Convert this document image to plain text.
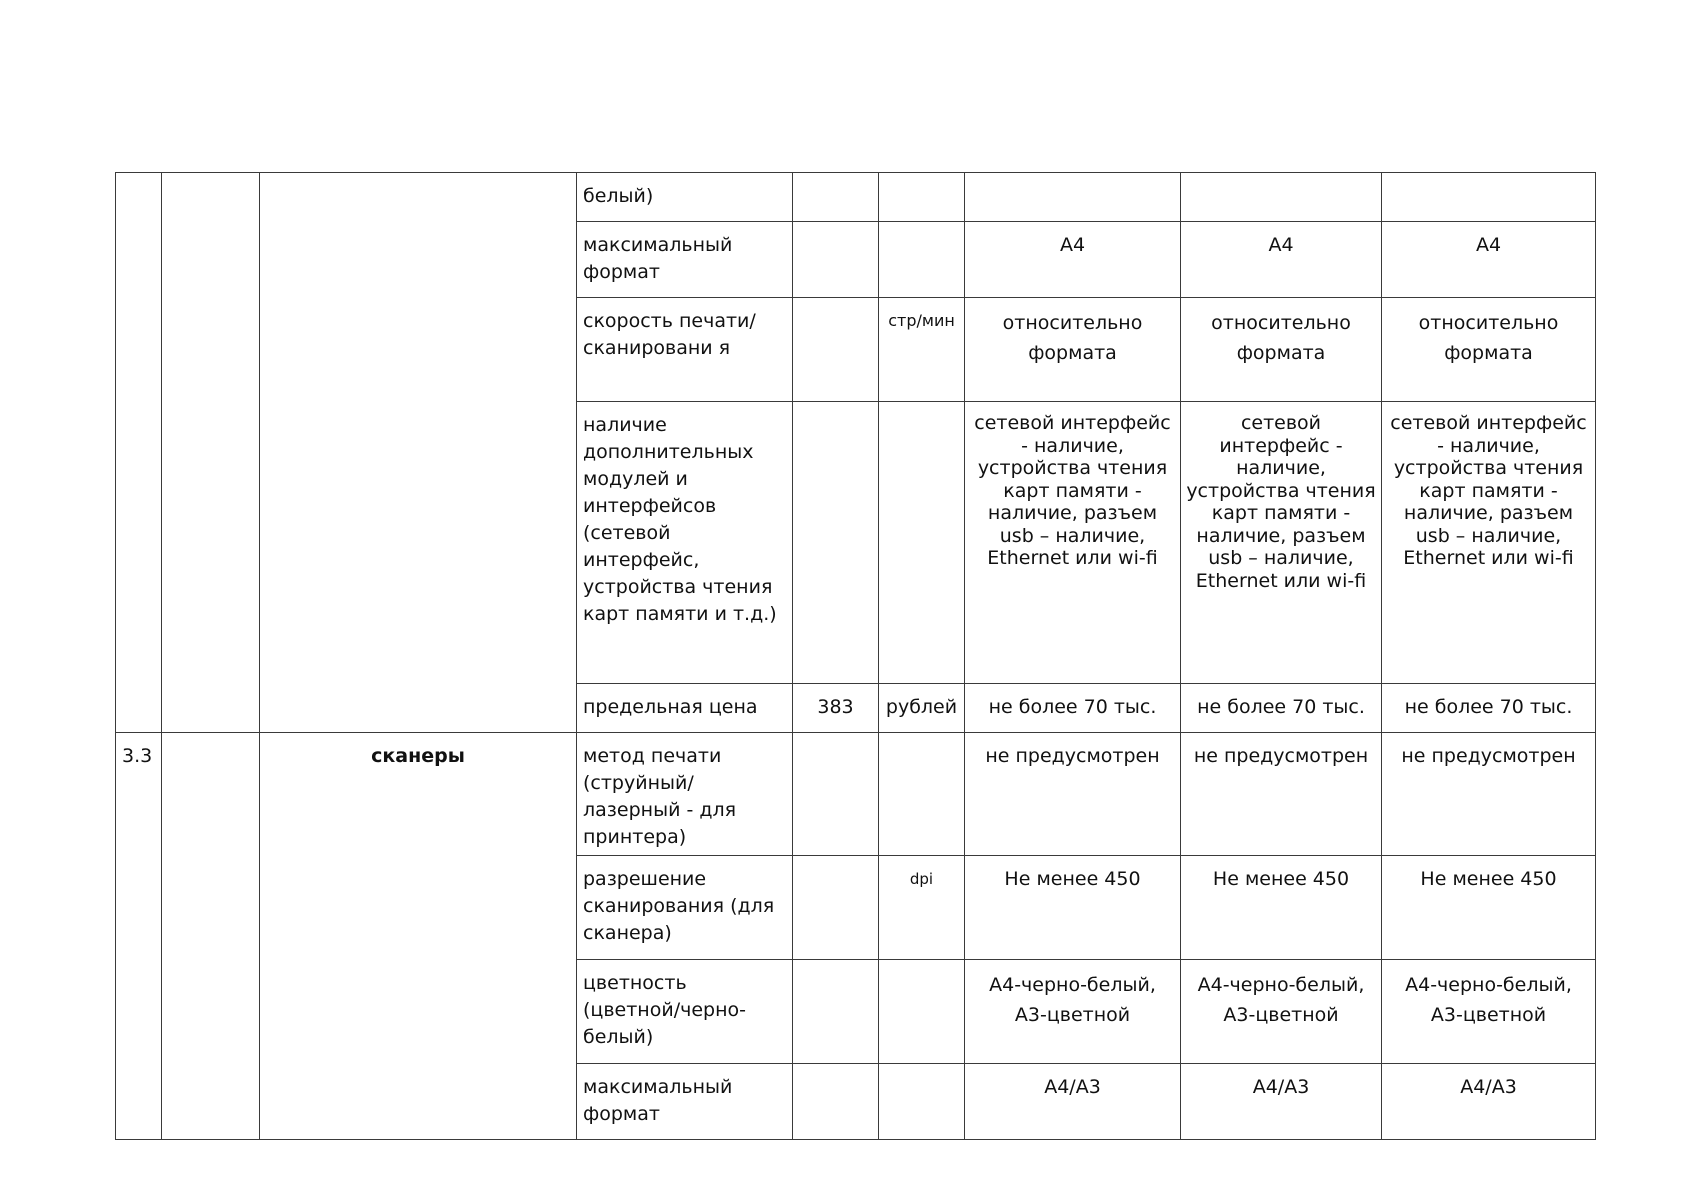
			белый)					
			максимальный формат			А4	А4	А4
			скорость печати/сканировани я		стр/мин	относительно формата	относительно формата	относительно формата
			наличие дополнительных модулей и интерфейсов (сетевой интерфейс, устройства чтения карт памяти и т.д.)			сетевой интерфейс - наличие, устройства чтения карт памяти - наличие, разъем usb – наличие, Ethernet или wi-fi	сетевой интерфейс - наличие, устройства чтения карт памяти - наличие, разъем usb – наличие, Ethernet или wi-fi	сетевой интерфейс - наличие, устройства чтения карт памяти - наличие, разъем usb – наличие, Ethernet или wi-fi
			предельная цена	383	рублей	не более 70 тыс.	не более 70 тыс.	не более 70 тыс.
3.3		сканеры	метод печати (струйный/лазерный - для принтера)			не предусмотрен	не предусмотрен	не предусмотрен
			разрешение сканирования (для сканера)		dpi	Не менее 450	Не менее 450	Не менее 450
			цветность (цветной/черно-белый)			А4-черно-белый, А3-цветной	А4-черно-белый, А3-цветной	А4-черно-белый, А3-цветной
			максимальный формат			А4/А3	А4/А3	А4/А3
